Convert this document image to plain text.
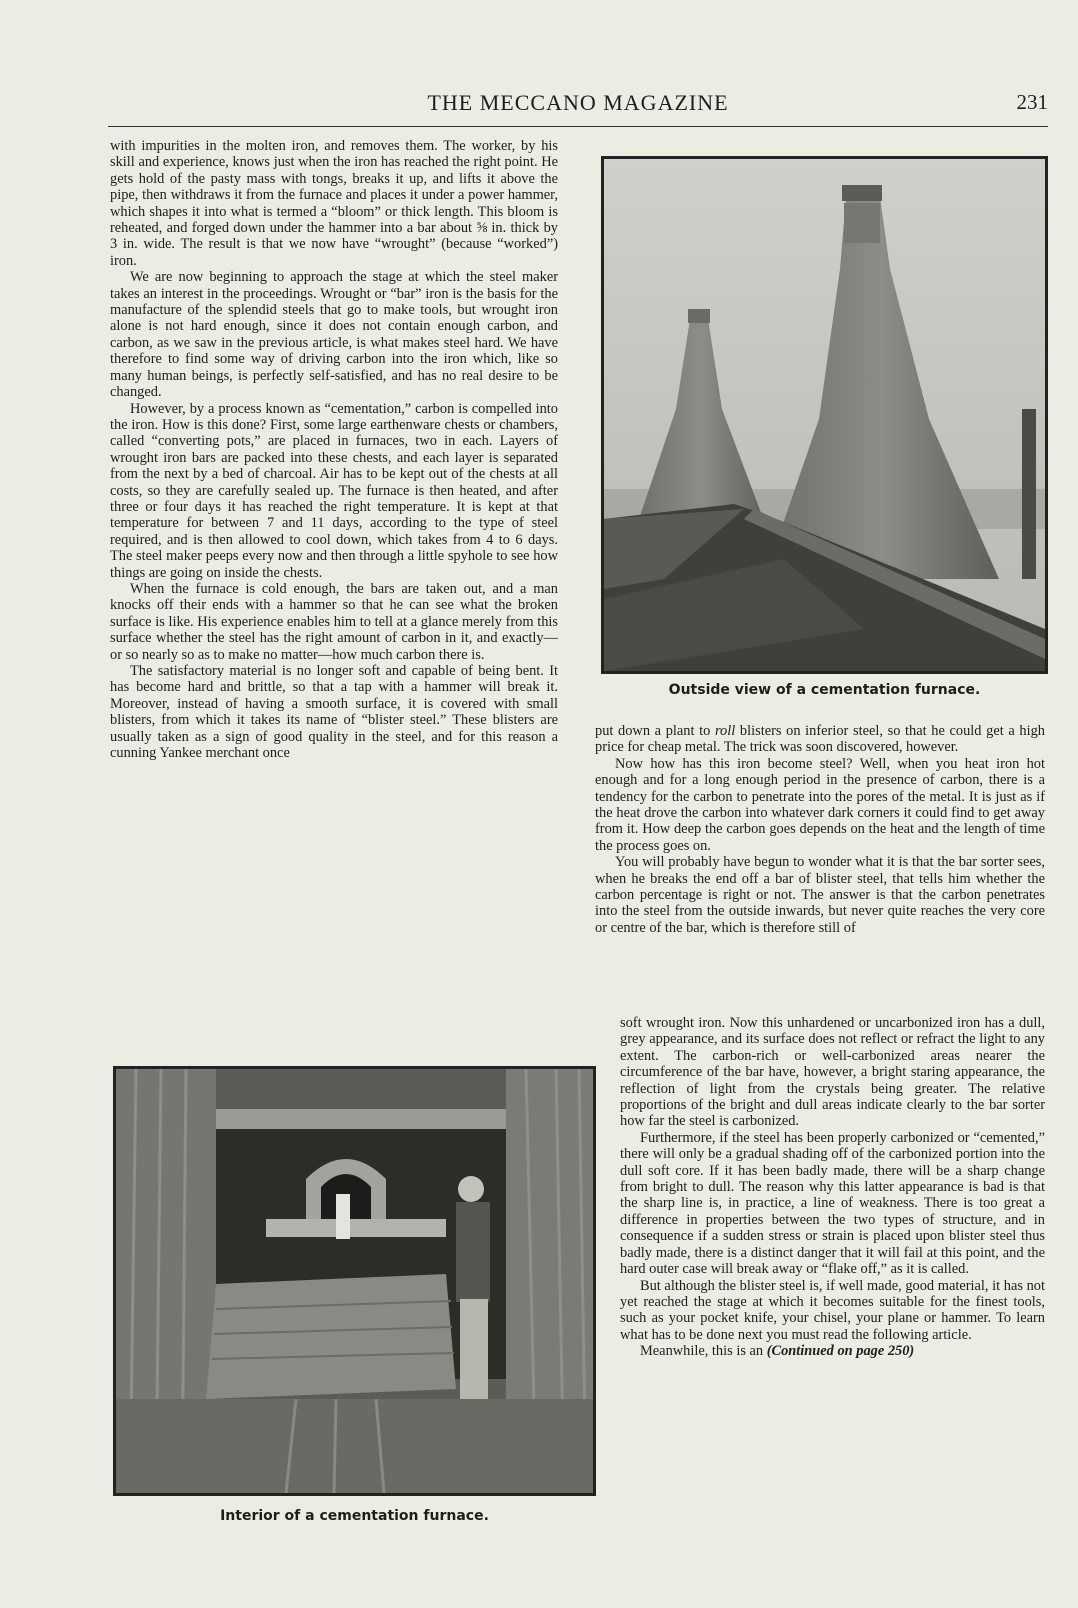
THE MECCANO MAGAZINE	231

with impurities in the molten iron, and removes them. The worker, by his skill and experience, knows just when the iron has reached the right point. He gets hold of the pasty mass with tongs, breaks it up, and lifts it above the pipe, then withdraws it from the furnace and places it under a power hammer, which shapes it into what is termed a “bloom” or thick length. This bloom is reheated, and forged down under the hammer into a bar about ⅝ in. thick by 3 in. wide. The result is that we now have “wrought” (because “worked”) iron.

We are now beginning to approach the stage at which the steel maker takes an interest in the proceedings. Wrought or “bar” iron is the basis for the manufacture of the splendid steels that go to make tools, but wrought iron alone is not hard enough, since it does not contain enough carbon, and carbon, as we saw in the previous article, is what makes steel hard. We have therefore to find some way of driving carbon into the iron which, like so many human beings, is perfectly self-satisfied, and has no real desire to be changed.

However, by a process known as “cementation,” carbon is compelled into the iron. How is this done? First, some large earthenware chests or chambers, called “converting pots,” are placed in furnaces, two in each. Layers of wrought iron bars are packed into these chests, and each layer is separated from the next by a bed of charcoal. Air has to be kept out of the chests at all costs, so they are carefully sealed up. The furnace is then heated, and after three or four days it has reached the right temperature. It is kept at that temperature for between 7 and 11 days, according to the type of steel required, and is then allowed to cool down, which takes from 4 to 6 days. The steel maker peeps every now and then through a little spyhole to see how things are going on inside the chests.

When the furnace is cold enough, the bars are taken out, and a man knocks off their ends with a hammer so that he can see what the broken surface is like. His experience enables him to tell at a glance merely from this surface whether the steel has the right amount of carbon in it, and exactly—or so nearly so as to make no matter—how much carbon there is.

The satisfactory material is no longer soft and capable of being bent. It has become hard and brittle, so that a tap with a hammer will break it. Moreover, instead of having a smooth surface, it is covered with small blisters, from which it takes its name of “blister steel.” These blisters are usually taken as a sign of good quality in the steel, and for this reason a cunning Yankee merchant once

Outside view of a cementation furnace.

put down a plant to roll blisters on inferior steel, so that he could get a high price for cheap metal. The trick was soon discovered, however.

Now how has this iron become steel? Well, when you heat iron hot enough and for a long enough period in the presence of carbon, there is a tendency for the carbon to penetrate into the pores of the metal. It is just as if the heat drove the carbon into whatever dark corners it could find to get away from it. How deep the carbon goes depends on the heat and the length of time the process goes on.

You will probably have begun to wonder what it is that the bar sorter sees, when he breaks the end off a bar of blister steel, that tells him whether the carbon percentage is right or not. The answer is that the carbon penetrates into the steel from the outside inwards, but never quite reaches the very core or centre of the bar, which is therefore still of

soft wrought iron. Now this unhardened or uncarbonized iron has a dull, grey appearance, and its surface does not reflect or refract the light to any extent. The carbon-rich or well-carbonized areas nearer the circumference of the bar have, however, a bright staring appearance, the reflection of light from the crystals being greater. The relative proportions of the bright and dull areas indicate clearly to the bar sorter how far the steel is carbonized.

Furthermore, if the steel has been properly carbonized or “cemented,” there will only be a gradual shading off of the carbonized portion into the dull soft core. If it has been badly made, there will be a sharp change from bright to dull. The reason why this latter appearance is bad is that the sharp line is, in practice, a line of weakness. There is too great a difference in properties between the two types of structure, and in consequence if a sudden stress or strain is placed upon blister steel thus badly made, there is a distinct danger that it will fail at this point, and the hard outer case will break away or “flake off,” as it is called.

But although the blister steel is, if well made, good material, it has not yet reached the stage at which it becomes suitable for the finest tools, such as your pocket knife, your chisel, your plane or hammer. To learn what has to be done next you must read the following article.

Meanwhile, this is an (Continued on page 250)

Interior of a cementation furnace.
